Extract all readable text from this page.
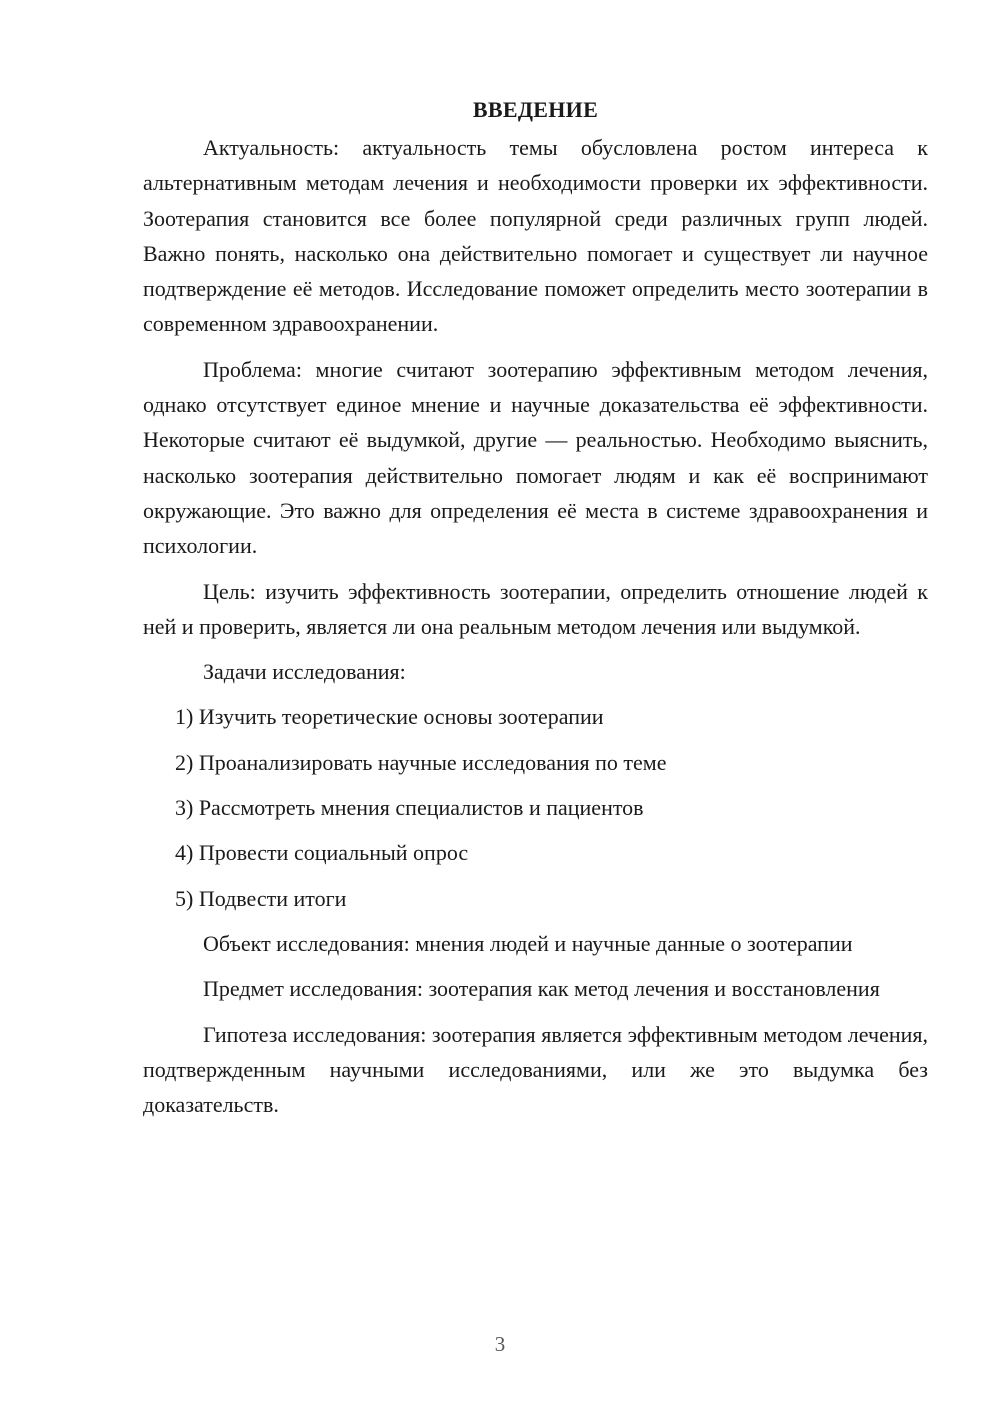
ВВЕДЕНИЕ

Актуальность: актуальность темы обусловлена ростом интереса к альтернативным методам лечения и необходимости проверки их эффективности. Зоотерапия становится все более популярной среди различных групп людей. Важно понять, насколько она действительно помогает и существует ли научное подтверждение её методов. Исследование поможет определить место зоотерапии в современном здравоохранении.

Проблема: многие считают зоотерапию эффективным методом лечения, однако отсутствует единое мнение и научные доказательства её эффективности. Некоторые считают её выдумкой, другие — реальностью. Необходимо выяснить, насколько зоотерапия действительно помогает людям и как её воспринимают окружающие. Это важно для определения её места в системе здравоохранения и психологии.

Цель: изучить эффективность зоотерапии, определить отношение людей к ней и проверить, является ли она реальным методом лечения или выдумкой.

Задачи исследования:

1) Изучить теоретические основы зоотерапии
2) Проанализировать научные исследования по теме
3) Рассмотреть мнения специалистов и пациентов
4) Провести социальный опрос
5) Подвести итоги

Объект исследования: мнения людей и научные данные о зоотерапии

Предмет исследования: зоотерапия как метод лечения и восстановления

Гипотеза исследования: зоотерапия является эффективным методом лечения, подтвержденным научными исследованиями, или же это выдумка без доказательств.

3
